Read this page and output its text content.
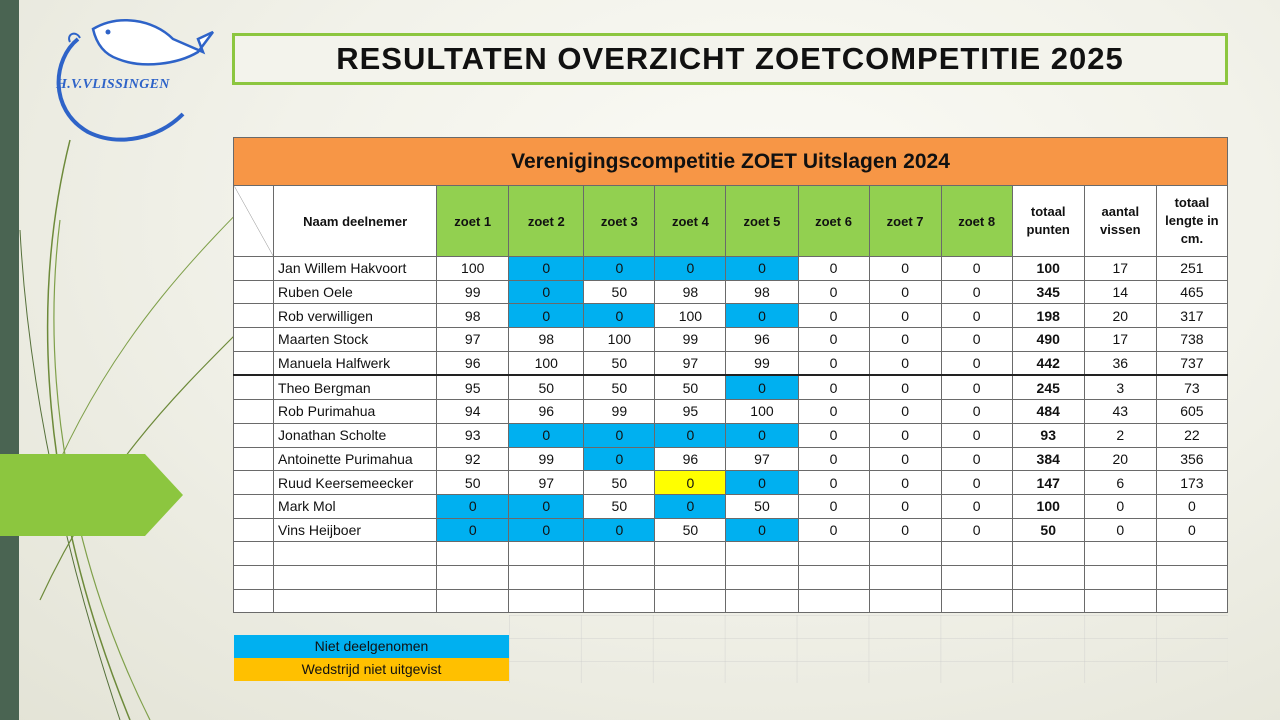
H.V.VLISSINGEN
RESULTATEN OVERZICHT ZOETCOMPETITIE 2025
Verenigingscompetitie ZOET Uitslagen 2024												
	Naam deelnemer	zoet 1	zoet 2	zoet 3	zoet 4	zoet 5	zoet 6	zoet 7	zoet 8	totaal punten	aantal vissen	totaal lengte in cm.
	Jan Willem Hakvoort	100	0	0	0	0	0	0	0	100	17	251
	Ruben Oele	99	0	50	98	98	0	0	0	345	14	465
	Rob verwilligen	98	0	0	100	0	0	0	0	198	20	317
	Maarten Stock	97	98	100	99	96	0	0	0	490	17	738
	Manuela Halfwerk	96	100	50	97	99	0	0	0	442	36	737
	Theo Bergman	95	50	50	50	0	0	0	0	245	3	73
	Rob Purimahua	94	96	99	95	100	0	0	0	484	43	605
	Jonathan Scholte	93	0	0	0	0	0	0	0	93	2	22
	Antoinette Purimahua	92	99	0	96	97	0	0	0	384	20	356
	Ruud Keersemeecker	50	97	50	0	0	0	0	0	147	6	173
	Mark Mol	0	0	50	0	50	0	0	0	100	0	0
	Vins Heijboer	0	0	0	50	0	0	0	0	50	0	0

Niet deelgenomen
Wedstrijd niet uitgevist
